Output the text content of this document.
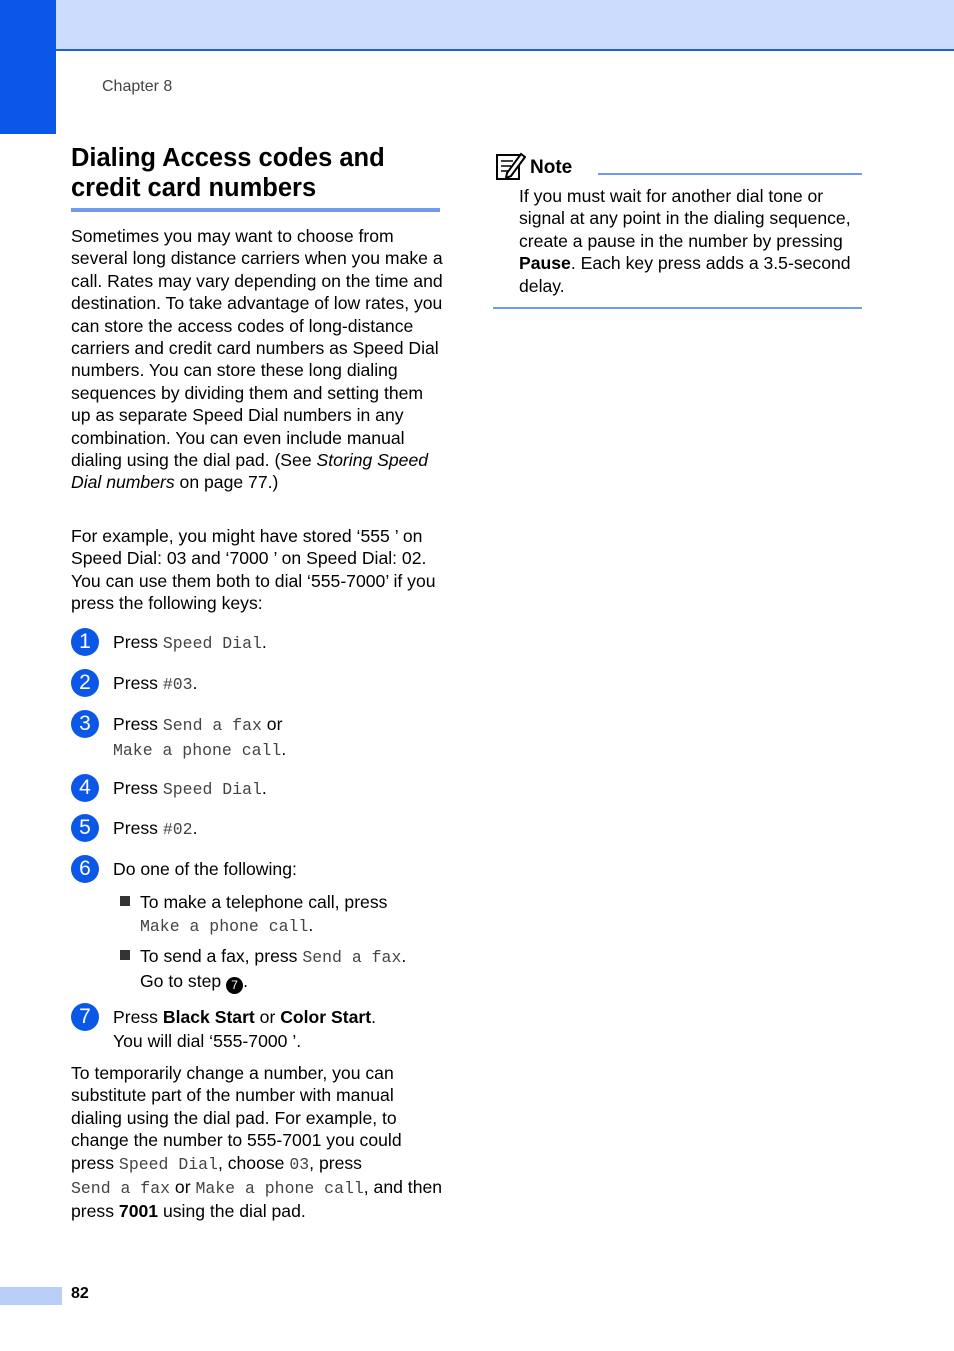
Chapter 8
Dialing Access codes and credit card numbers
Sometimes you may want to choose from several long distance carriers when you make a call. Rates may vary depending on the time and destination. To take advantage of low rates, you can store the access codes of long-distance carriers and credit card numbers as Speed Dial numbers. You can store these long dialing sequences by dividing them and setting them up as separate Speed Dial numbers in any combination. You can even include manual dialing using the dial pad. (See Storing Speed Dial numbers on page 77.)
For example, you might have stored ‘555 ’ on Speed Dial: 03 and ‘7000 ’ on Speed Dial: 02. You can use them both to dial ‘555-7000’ if you press the following keys:
1	Press Speed Dial.
2	Press #03.
3	Press Send a fax or
Make a phone call.
4	Press Speed Dial.
5	Press #02.
6	Do one of the following:
To make a telephone call, press
Make a phone call.
To send a fax, press Send a fax.
Go to step 7 .
7	Press Black Start or Color Start.
You will dial ‘555-7000 ’.
To temporarily change a number, you can substitute part of the number with manual dialing using the dial pad. For example, to change the number to 555-7001 you could press Speed Dial, choose 03, press
Send a fax or Make a phone call, and then press 7001 using the dial pad.
Note
If you must wait for another dial tone or signal at any point in the dialing sequence, create a pause in the number by pressing Pause. Each key press adds a 3.5-second delay.
82
